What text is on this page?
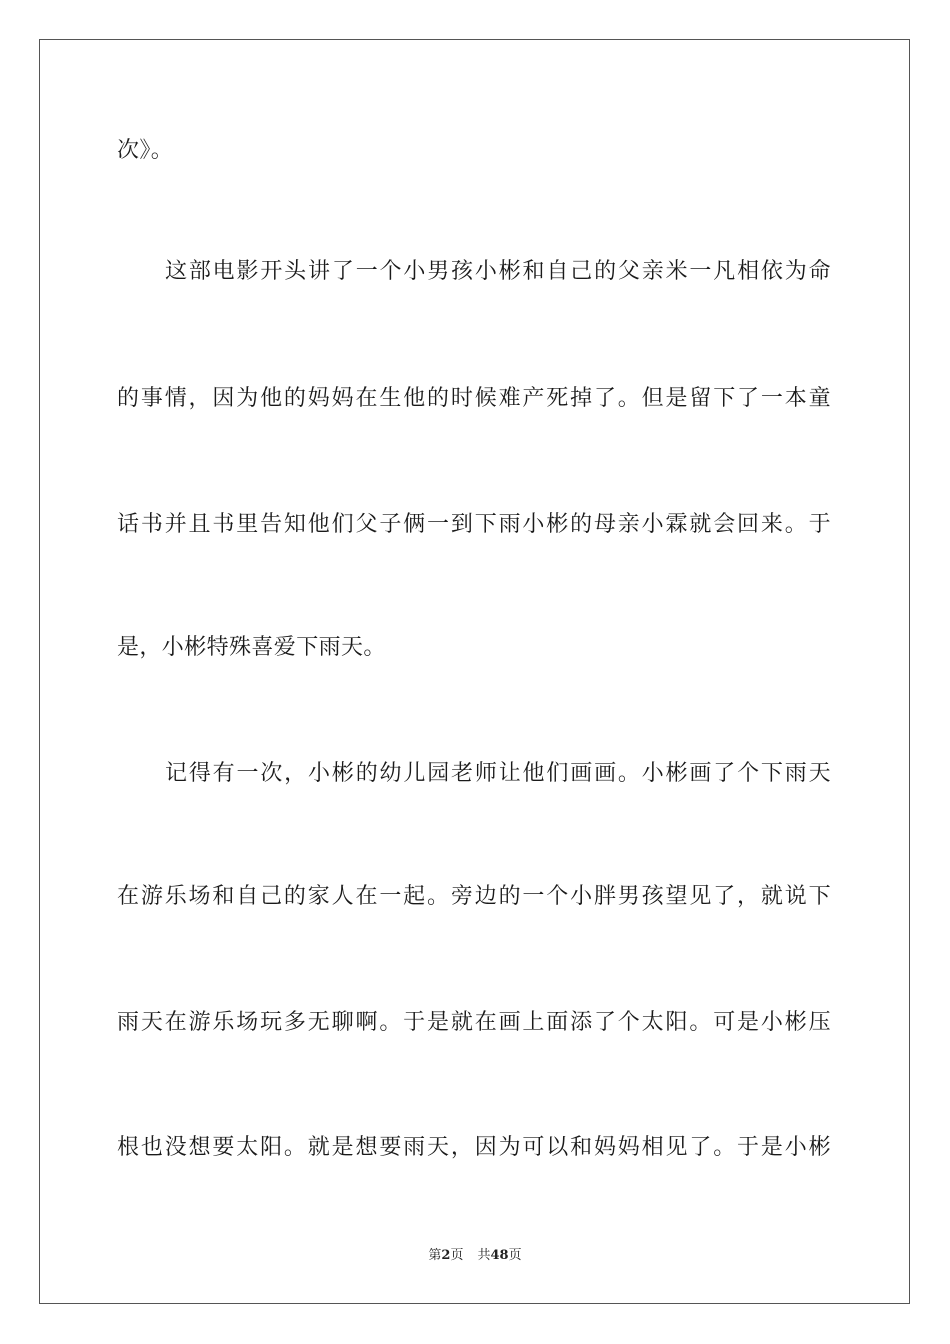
次》。
这部电影开头讲了一个小男孩小彬和自己的父亲米一凡相依为命
的事情，因为他的妈妈在生他的时候难产死掉了。但是留下了一本童
话书并且书里告知他们父子俩一到下雨小彬的母亲小霖就会回来。于
是，小彬特殊喜爱下雨天。
记得有一次，小彬的幼儿园老师让他们画画。小彬画了个下雨天
在游乐场和自己的家人在一起。旁边的一个小胖男孩望见了，就说下
雨天在游乐场玩多无聊啊。于是就在画上面添了个太阳。可是小彬压
根也没想要太阳。就是想要雨天，因为可以和妈妈相见了。于是小彬
第2页 共48页
